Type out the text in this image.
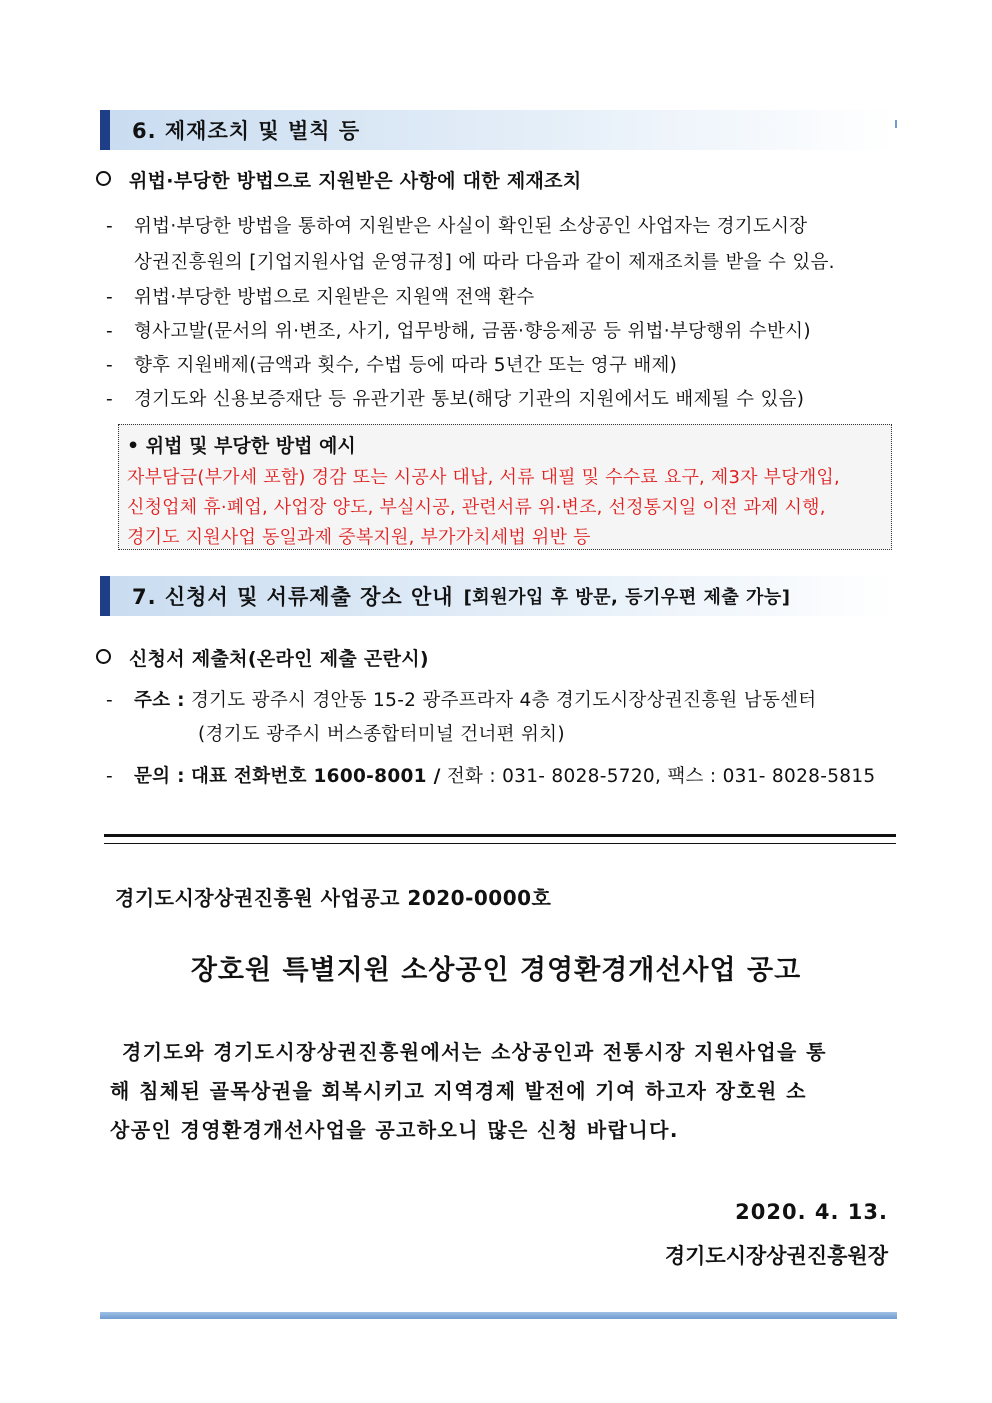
6. 제재조치 및 벌칙 등
위법·부당한 방법으로 지원받은 사항에 대한 제재조치
- 위법·부당한 방법을 통하여 지원받은 사실이 확인된 소상공인 사업자는 경기도시장
상권진흥원의 [기업지원사업 운영규정] 에 따라 다음과 같이 제재조치를 받을 수 있음.
- 위법·부당한 방법으로 지원받은 지원액 전액 환수
- 형사고발(문서의 위·변조, 사기, 업무방해, 금품·향응제공 등 위법·부당행위 수반시)
- 향후 지원배제(금액과 횟수, 수법 등에 따라 5년간 또는 영구 배제)
- 경기도와 신용보증재단 등 유관기관 통보(해당 기관의 지원에서도 배제될 수 있음)
• 위법 및 부당한 방법 예시
자부담금(부가세 포함) 경감 또는 시공사 대납, 서류 대필 및 수수료 요구, 제3자 부당개입,
신청업체 휴·폐업, 사업장 양도, 부실시공, 관련서류 위·변조, 선정통지일 이전 과제 시행,
경기도 지원사업 동일과제 중복지원, 부가가치세법 위반 등
7. 신청서 및 서류제출 장소 안내 [회원가입 후 방문, 등기우편 제출 가능]
신청서 제출처(온라인 제출 곤란시)
- 주소 : 경기도 광주시 경안동 15-2 광주프라자 4층 경기도시장상권진흥원 남동센터
(경기도 광주시 버스종합터미널 건너편 위치)
- 문의 : 대표 전화번호 1600-8001 / 전화 : 031- 8028-5720, 팩스 : 031- 8028-5815
경기도시장상권진흥원 사업공고 2020-0000호
장호원 특별지원 소상공인 경영환경개선사업 공고
경기도와 경기도시장상권진흥원에서는 소상공인과 전통시장 지원사업을 통
해 침체된 골목상권을 회복시키고 지역경제 발전에 기여 하고자 장호원 소
상공인 경영환경개선사업을 공고하오니 많은 신청 바랍니다.
2020. 4. 13.
경기도시장상권진흥원장
